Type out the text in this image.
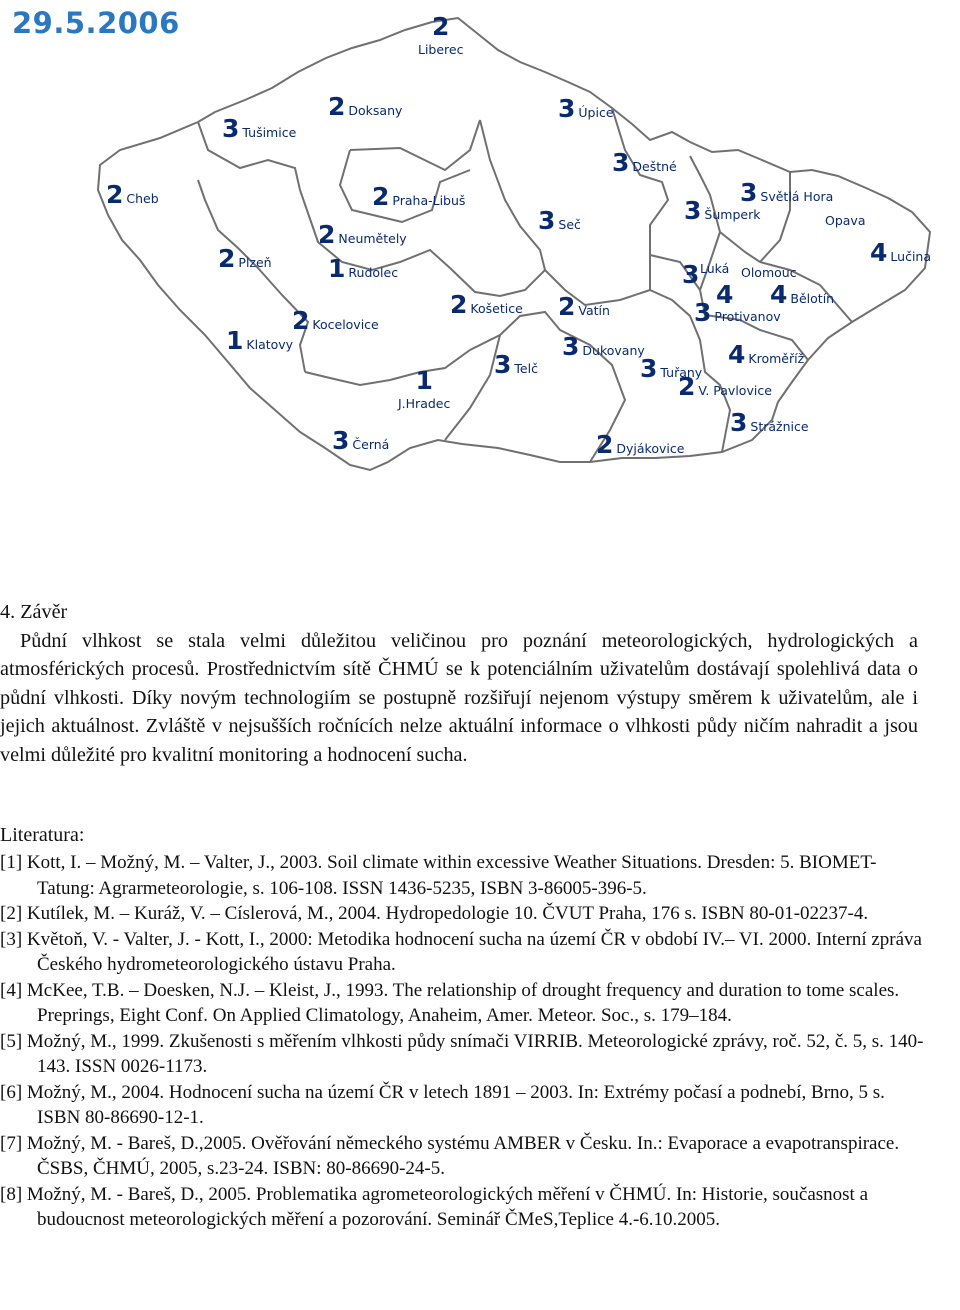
29.5.2006	2
Liberec
2 Doksany	3 Úpice
3 Tušimice
3 Deštné
2 Cheb	2 Praha-Libuš	3 Světlá Hora
3 Šumperk
3 Seč
2 Neumětely
Opava
2 Plzeň 1 Rudolec
4 Lučina
Luká
3	Olomouc
4 4 Bělotín
2 Košetice 2 Vatín	3 Protivanov
2 Kocelovice
1 Klatovy	3 Dukovany	4 Kroměříž
3 Telč	3 Tuřany
2 V. Pavlovice
1
J.Hradec
3 Strážnice
3 Černá	2 Dyjákovice
4. Závěr

Půdní vlhkost se stala velmi důležitou veličinou pro poznání meteorologických, hydrologických a atmosférických procesů. Prostřednictvím sítě ČHMÚ se k potenciálním uživatelům dostávají spolehlivá data o půdní vlhkosti. Díky novým technologiím se postupně rozšiřují nejenom výstupy směrem k uživatelům, ale i jejich aktuálnost. Zvláště v nejsušších ročnících nelze aktuální informace o vlhkosti půdy ničím nahradit a jsou velmi důležité pro kvalitní monitoring a hodnocení sucha.

Literatura:
[1] Kott, I. – Možný, M. – Valter, J., 2003. Soil climate within excessive Weather Situations. Dresden: 5. BIOMET-Tatung: Agrarmeteorologie, s. 106-108. ISSN 1436-5235, ISBN 3-86005-396-5.
[2] Kutílek, M. – Kuráž, V. – Císlerová, M., 2004. Hydropedologie 10. ČVUT Praha, 176 s. ISBN 80-01-02237-4.
[3] Květoň, V. - Valter, J. - Kott, I., 2000: Metodika hodnocení sucha na území ČR v období IV.– VI. 2000. Interní zpráva Českého hydrometeorologického ústavu Praha.
[4] McKee, T.B. – Doesken, N.J. – Kleist, J., 1993. The relationship of drought frequency and duration to tome scales. Preprings, Eight Conf. On Applied Climatology, Anaheim, Amer. Meteor. Soc., s. 179–184.
[5] Možný, M., 1999. Zkušenosti s měřením vlhkosti půdy snímači VIRRIB. Meteorologické zprávy, roč. 52, č. 5, s. 140-143. ISSN 0026-1173.
[6] Možný, M., 2004. Hodnocení sucha na území ČR v letech 1891 – 2003. In: Extrémy počasí a podnebí, Brno, 5 s. ISBN 80-86690-12-1.
[7] Možný, M. - Bareš, D.,2005. Ověřování německého systému AMBER v Česku. In.: Evaporace a evapotranspirace. ČSBS, ČHMÚ, 2005, s.23-24. ISBN: 80-86690-24-5.
[8] Možný, M. - Bareš, D., 2005. Problematika agrometeorologických měření v ČHMÚ. In: Historie, současnost a budoucnost meteorologických měření a pozorování. Seminář ČMeS,Teplice 4.-6.10.2005.
